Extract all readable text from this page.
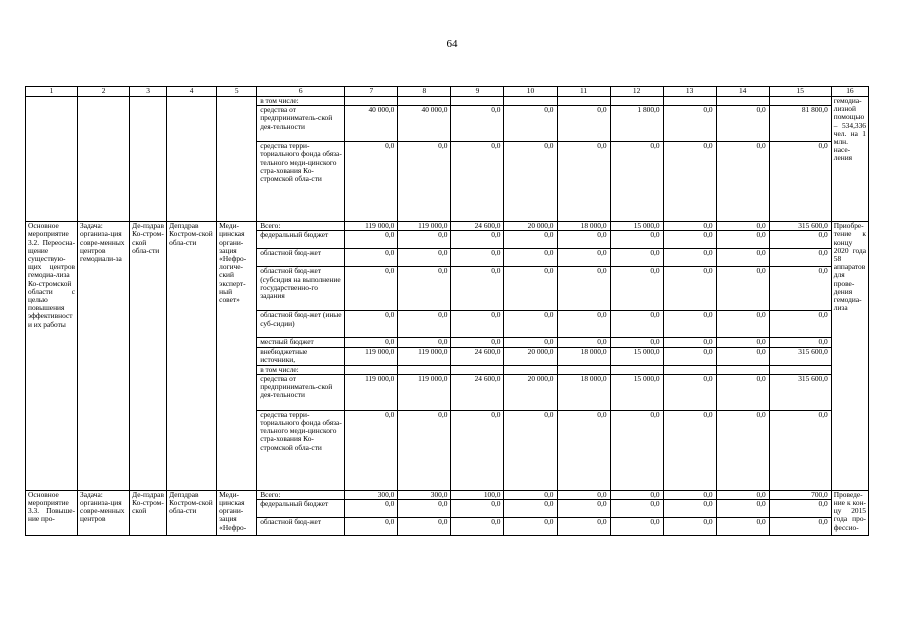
64
1	2	3	4	5	6	7	8	9	10	11	12	13	14	15	16
					в том числе:										гемодиа-лизной помощью – 534,336 чел. на 1 млн. насе-ления
					средства от предприниматель-ской дея-тельности	40 000,0	40 000,0	0,0	0,0	0,0	1 800,0	0,0	0,0	81 800,0	
					средства терри-ториального фонда обяза-тельного меди-цинского стра-хования Ко-стромской обла-сти	0,0	0,0	0,0	0,0	0,0	0,0	0,0	0,0	0,0	
Основное мероприятие 3.2. Переосна-щение существую-щих центров гемодиа-лиза Ко-стромской области с целью повышения эффективности их работы	Задача: организа-ция совре-менных центров гемодиали-за	Де-пздрав Ко-стром-ской обла-сти	Депздрав Костром-ской обла-сти	Меди-цинская органи-зация «Нефро-логиче-ский эксперт-ный совет»	Всего:	119 000,0	119 000,0	24 600,0	20 000,0	18 000,0	15 000,0	0,0	0,0	315 600,0	Приобре-тение к концу 2020 года 58 аппаратов для прове-дения гемодиа-лиза
					федеральный бюджет	0,0	0,0	0,0	0,0	0,0	0,0	0,0	0,0	0,0	
					областной бюд-жет	0,0	0,0	0,0	0,0	0,0	0,0	0,0	0,0	0,0	
					областной бюд-жет (субсидия на выполнение государственно-го задания	0,0	0,0	0,0	0,0	0,0	0,0	0,0	0,0	0,0	
					областной бюд-жет (иные суб-сидии)	0,0	0,0	0,0	0,0	0,0	0,0	0,0	0,0	0,0	
					местный бюджет	0,0	0,0	0,0	0,0	0,0	0,0	0,0	0,0	0,0	
					внебюджетные источники,	119 000,0	119 000,0	24 600,0	20 000,0	18 000,0	15 000,0	0,0	0,0	315 600,0	
					в том числе:										
					средства от предприниматель-ской дея-тельности	119 000,0	119 000,0	24 600,0	20 000,0	18 000,0	15 000,0	0,0	0,0	315 600,0	
					средства терри-ториального фонда обяза-тельного меди-цинского стра-хования Ко-стромской обла-сти	0,0	0,0	0,0	0,0	0,0	0,0	0,0	0,0	0,0	
Основное мероприятие 3.3. Повыше-ние про-	Задача: организа-ция совре-менных центров	Де-пздрав Ко-стром-ской	Депздрав Костром-ской обла-сти	Меди-цинская органи-зация «Нефро-	Всего:	300,0	300,0	100,0	0,0	0,0	0,0	0,0	0,0	700,0	Проведе-ние к кон-цу 2015 года про-фессио-
					федеральный бюджет	0,0	0,0	0,0	0,0	0,0	0,0	0,0	0,0	0,0	
					областной бюд-жет	0,0	0,0	0,0	0,0	0,0	0,0	0,0	0,0	0,0	
